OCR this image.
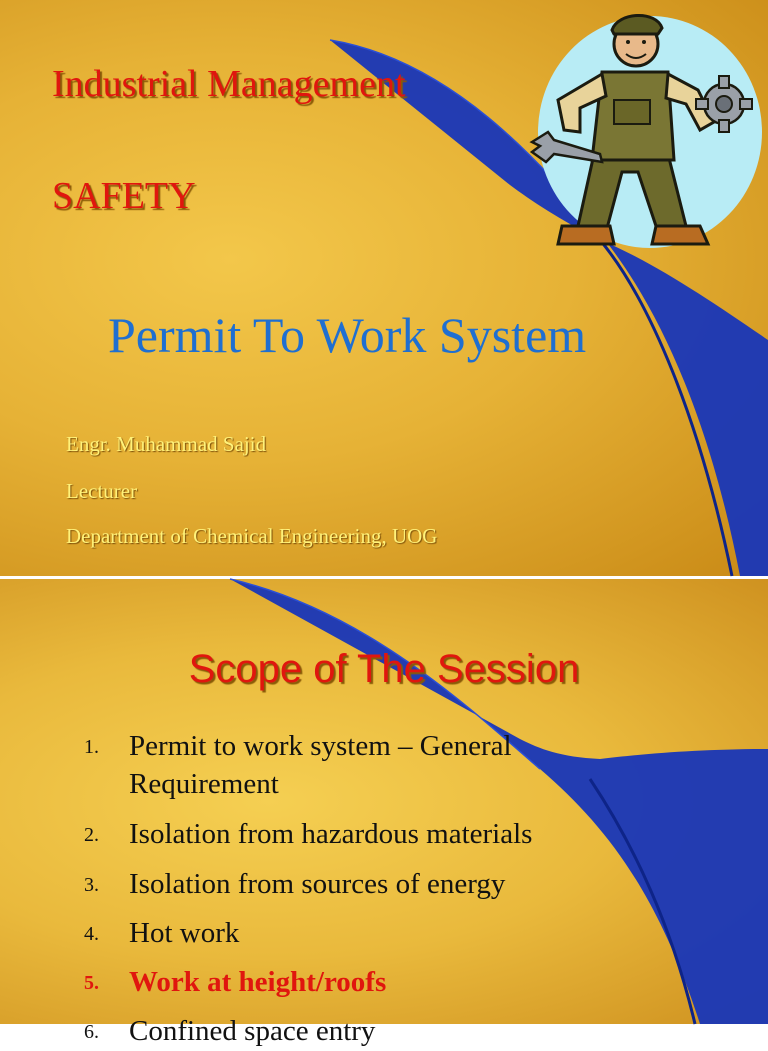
Industrial Management

SAFETY

Permit To Work System

Engr. Muhammad Sajid

Lecturer

Department of Chemical Engineering, UOG

Scope of The Session

1.	Permit to work system – General
Requirement
2.	Isolation from hazardous materials
3.	Isolation from sources of energy
4.	Hot work
5.	Work at height/roofs
6.	Confined space entry
